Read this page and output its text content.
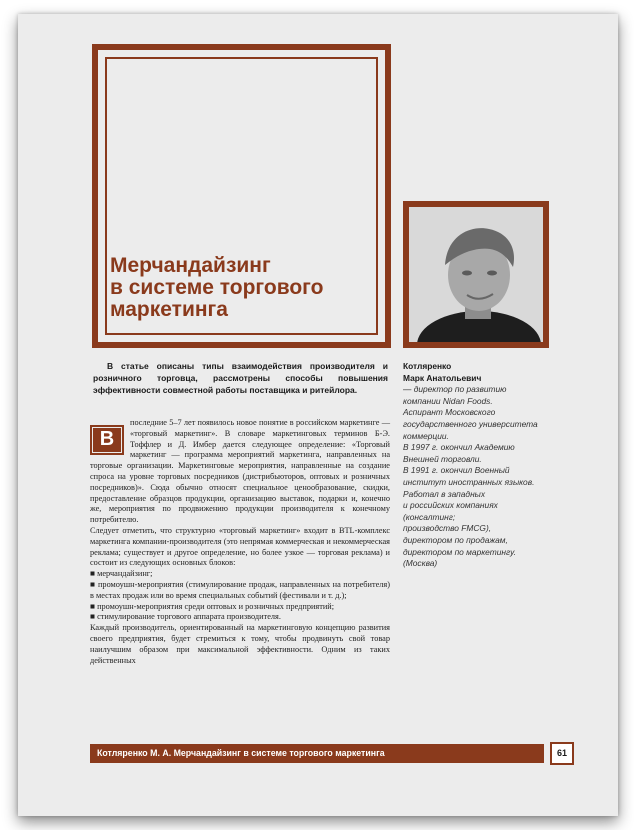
Мерчандайзинг
в системе торгового
маркетинга

В статье описаны типы взаимодействия производителя и розничного торговца, рассмотрены способы повышения эффективности совместной работы поставщика и ритейлора.

Котляренко
Марк Анатольевич
— директор по развитию
компании Nidan Foods.
Аспирант Московского
государственного университета
коммерции.
В 1997 г. окончил Академию
Внешней торговли.
В 1991 г. окончил Военный
институт иностранных языков.
Работал в западных
и российских компаниях
(консалтинг;
производство FMCG),
директором по продажам,
директором по маркетингу.
(Москва)
В

последние 5–7 лет появилось новое понятие в российском маркетинге — «торговый маркетинг». В словаре маркетинговых терминов Б-Э. Тоффлер и Д. Имбер дается следующее определение: «Торговый маркетинг — программа мероприятий маркетинга, направленных на торговые организации. Маркетинговые мероприятия, направленные на создание спроса на уровне торговых посредников (дистрибьюторов, оптовых и розничных посредников)». Сюда обычно относят специальное ценообразование, скидки, предоставление образцов продукции, организацию выставок, подарки и, конечно же, мероприятия по продвижению продукции производителя к конечному потребителю.

Следует отметить, что структурно «торговый маркетинг» входит в BTL-комплекс маркетинга компании-производителя (это непрямая коммерческая и некоммерческая реклама; существует и другое определение, но более узкое — торговая реклама) и состоит из следующих основных блоков:

■ мерчандайзинг;

■ промоушн-мероприятия (стимулирование продаж, направленных на потребителя) в местах продаж или во время специальных событий (фестивали и т. д.);

■ промоушн-мероприятия среди оптовых и розничных предприятий;

■ стимулирование торгового аппарата производителя.

Каждый производитель, ориентированный на маркетинговую концепцию развития своего предприятия, будет стремиться к тому, чтобы продвинуть свой товар наилучшим образом при максимальной эффективности. Одним из таких действенных

Котляренко М. А. Мерчандайзинг в системе торгового маркетинга	61
